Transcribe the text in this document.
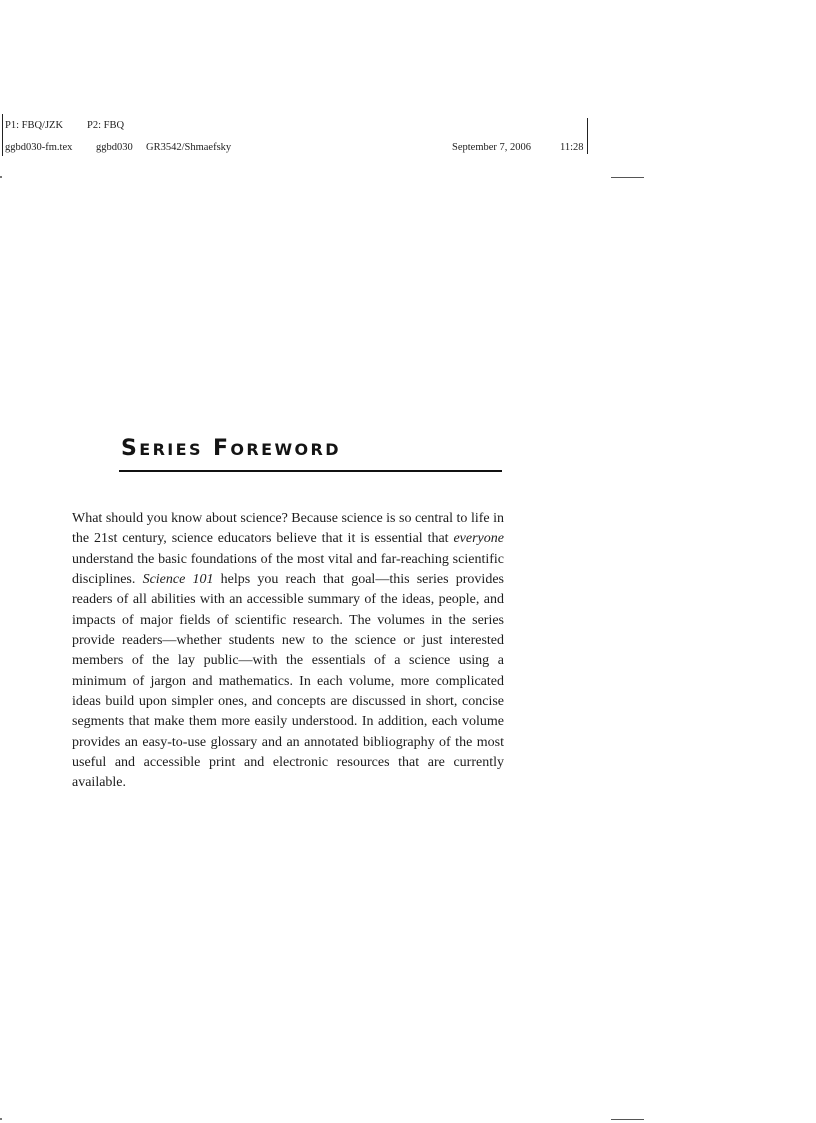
P1: FBQ/JZK P2: FBQ
ggbd030-fm.tex ggbd030 GR3542/Shmaefsky	September 7, 2006	11:28
SERIES FOREWORD

What should you know about science? Because science is so central to life in the 21st century, science educators believe that it is essential that everyone understand the basic foundations of the most vital and far-reaching scientific disciplines. Science 101 helps you reach that goal—this series provides readers of all abilities with an accessible summary of the ideas, people, and impacts of major fields of scientific research. The volumes in the series provide readers—whether students new to the science or just interested members of the lay public—with the essentials of a science using a minimum of jargon and mathematics. In each volume, more complicated ideas build upon simpler ones, and concepts are discussed in short, concise segments that make them more easily understood. In addition, each volume provides an easy-to-use glossary and an annotated bibliography of the most useful and accessible print and electronic resources that are currently available.
